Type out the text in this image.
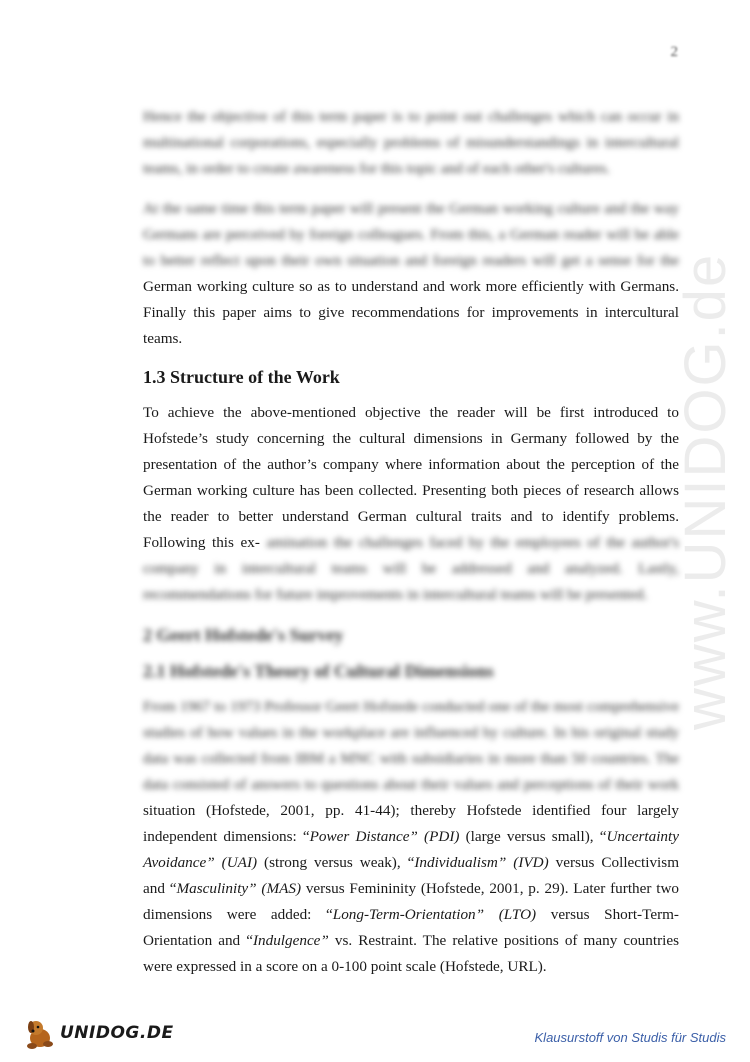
2
www.UNIDOG.de

Hence the objective of this term paper is to point out challenges which can occur in multinational corporations, especially problems of misunderstandings in intercultural teams, in order to create awareness for this topic and of each other's cultures.

At the same time this term paper will present the German working culture and the way Germans are perceived by foreign colleagues. From this, a German reader will be able to better reflect upon their own situation and foreign readers will get a sense for the German working culture so as to understand and work more efficiently with Germans. Finally this paper aims to give recommendations for improvements in intercultural teams.

1.3 Structure of the Work

To achieve the above-mentioned objective the reader will be first introduced to Hofstede’s study concerning the cultural dimensions in Germany followed by the presentation of the author’s company where information about the perception of the German working culture has been collected. Presenting both pieces of research allows the reader to better understand German cultural traits and to identify problems. Following this ex- amination the challenges faced by the employees of the author's company in intercultural teams will be addressed and analyzed. Lastly, recommendations for future improvements in intercultural teams will be presented.

2 Geert Hofstede's Survey
2.1 Hofstede's Theory of Cultural Dimensions

From 1967 to 1973 Professor Geert Hofstede conducted one of the most comprehensive studies of how values in the workplace are influenced by culture. In his original study data was collected from IBM a MNC with subsidiaries in more than 50 countries. The data consisted of answers to questions about their values and perceptions of their work situation (Hofstede, 2001, pp. 41-44); thereby Hofstede identified four largely independent dimensions: “Power Distance” (PDI) (large versus small), “Uncertainty Avoidance” (UAI) (strong versus weak), “Individualism” (IVD) versus Collectivism and “Masculinity” (MAS) versus Femininity (Hofstede, 2001, p. 29). Later further two dimensions were added: “Long-Term-Orientation” (LTO) versus Short-Term-Orientation and “Indulgence” vs. Restraint. The relative positions of many countries were expressed in a score on a 0-100 point scale (Hofstede, URL).

UNIDOG.DE	Klausurstoff von Studis für Studis
